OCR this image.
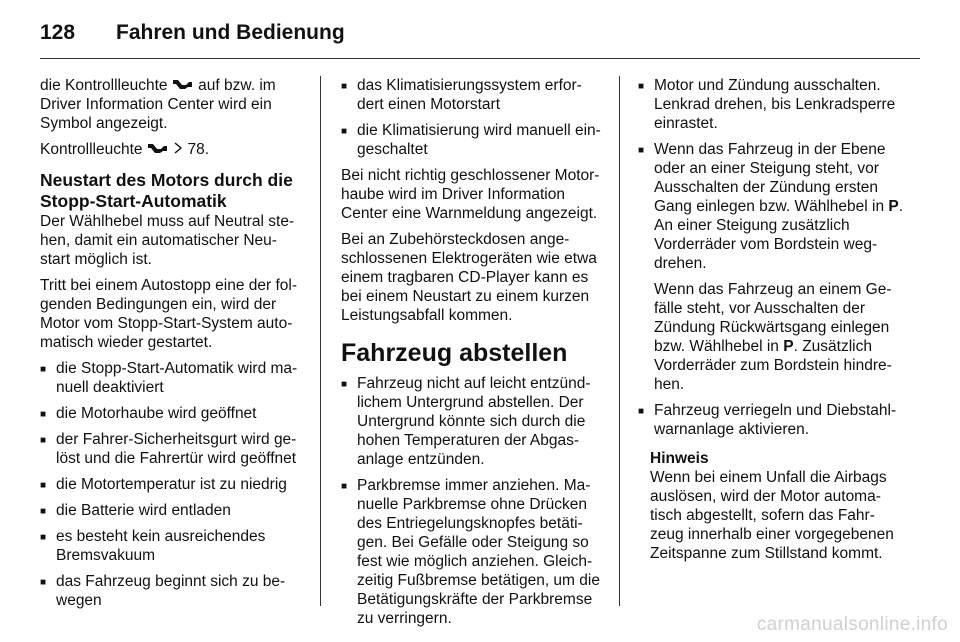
128	Fahren und Bedienung

die Kontrollleuchte auf bzw. im Driver Information Center wird ein Symbol angezeigt.

Kontrollleuchte	78.

Neustart des Motors durch die Stopp-Start-Automatik

Der Wählhebel muss auf Neutral ste-hen, damit ein automatischer Neu-start möglich ist.

Tritt bei einem Autostopp eine der fol-genden Bedingungen ein, wird der Motor vom Stopp-Start-System auto-matisch wieder gestartet.

■ die Stopp-Start-Automatik wird ma-nuell deaktiviert
■ die Motorhaube wird geöffnet
■ der Fahrer-Sicherheitsgurt wird ge-löst und die Fahrertür wird geöffnet
■ die Motortemperatur ist zu niedrig
■ die Batterie wird entladen
■ es besteht kein ausreichendes Bremsvakuum
■ das Fahrzeug beginnt sich zu be-wegen
■ das Klimatisierungssystem erfor-dert einen Motorstart
■ die Klimatisierung wird manuell ein-geschaltet

Bei nicht richtig geschlossener Motor-haube wird im Driver Information Center eine Warnmeldung angezeigt.

Bei an Zubehörsteckdosen ange-schlossenen Elektrogeräten wie etwa einem tragbaren CD-Player kann es bei einem Neustart zu einem kurzen Leistungsabfall kommen.

Fahrzeug abstellen
■ Fahrzeug nicht auf leicht entzünd-lichem Untergrund abstellen. Der Untergrund könnte sich durch die hohen Temperaturen der Abgas-anlage entzünden.
■ Parkbremse immer anziehen. Ma-nuelle Parkbremse ohne Drücken des Entriegelungsknopfes betäti-gen. Bei Gefälle oder Steigung so fest wie möglich anziehen. Gleich-zeitig Fußbremse betätigen, um die Betätigungskräfte der Parkbremse zu verringern.
■ Motor und Zündung ausschalten. Lenkrad drehen, bis Lenkradsperre einrastet.
■ Wenn das Fahrzeug in der Ebene oder an einer Steigung steht, vor Ausschalten der Zündung ersten Gang einlegen bzw. Wählhebel in P. An einer Steigung zusätzlich Vorderräder vom Bordstein weg-drehen.
Wenn das Fahrzeug an einem Ge-fälle steht, vor Ausschalten der Zündung Rückwärtsgang einlegen bzw. Wählhebel in P. Zusätzlich Vorderräder zum Bordstein hindre-hen.
■ Fahrzeug verriegeln und Diebstahl-warnanlage aktivieren.
Hinweis
Wenn bei einem Unfall die Airbags auslösen, wird der Motor automa-tisch abgestellt, sofern das Fahr-zeug innerhalb einer vorgegebenen Zeitspanne zum Stillstand kommt.
carmanualsonline.info
